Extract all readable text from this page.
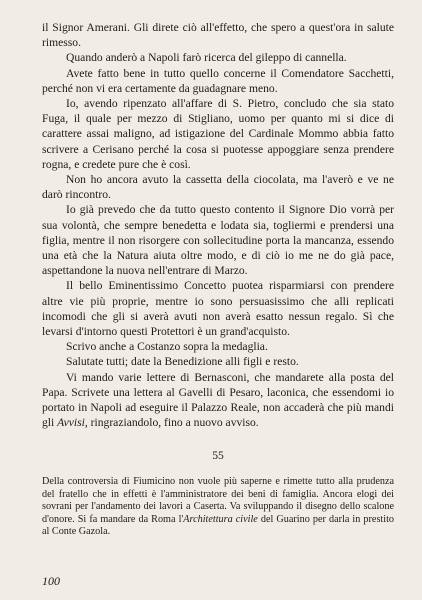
il Signor Amerani. Gli direte ciò all'effetto, che spero a quest'ora in salute rimesso.

Quando anderò a Napoli farò ricerca del gileppo di cannella.

Avete fatto bene in tutto quello concerne il Comendatore Sacchetti, perché non vi era certamente da guadagnare meno.

Io, avendo ripenzato all'affare di S. Pietro, concludo che sia stato Fuga, il quale per mezzo di Stigliano, uomo per quanto mi si dice di carattere assai maligno, ad istigazione del Cardinale Mommo abbia fatto scrivere a Cerisano perché la cosa si puotesse appoggiare senza prendere rogna, e credete pure che è così.

Non ho ancora avuto la cassetta della ciocolata, ma l'averò e ve ne darò rincontro.

Io già prevedo che da tutto questo contento il Signore Dio vorrà per sua volontà, che sempre benedetta e lodata sia, togliermi e prendersi una figlia, mentre il non risorgere con sollecitudine porta la mancanza, essendo una età che la Natura aiuta oltre modo, e di ciò io me ne do già pace, aspettandone la nuova nell'entrare di Marzo.

Il bello Eminentissimo Concetto puotea risparmiarsi con prendere altre vie più proprie, mentre io sono persuasissimo che alli replicati incomodi che gli si averà avuti non averà esatto nessun regalo. Sì che levarsi d'intorno questi Protettori è un grand'acquisto.

Scrivo anche a Costanzo sopra la medaglia.

Salutate tutti; date la Benedizione alli figli e resto.

Vi mando varie lettere di Bernasconi, che mandarete alla posta del Papa. Scrivete una lettera al Gavelli di Pesaro, laconica, che essendomi io portato in Napoli ad eseguire il Palazzo Reale, non accaderà che più mandi gli Avvisi, ringraziandolo, fino a nuovo avviso.

55

Della controversia di Fiumicino non vuole più saperne e rimette tutto alla prudenza del fratello che in effetti è l'amministratore dei beni di famiglia. Ancora elogi dei sovrani per l'andamento dei lavori a Caserta. Va sviluppando il disegno dello scalone d'onore. Si fa mandare da Roma l'Architettura civile del Guarino per darla in prestito al Conte Gazola.

100
